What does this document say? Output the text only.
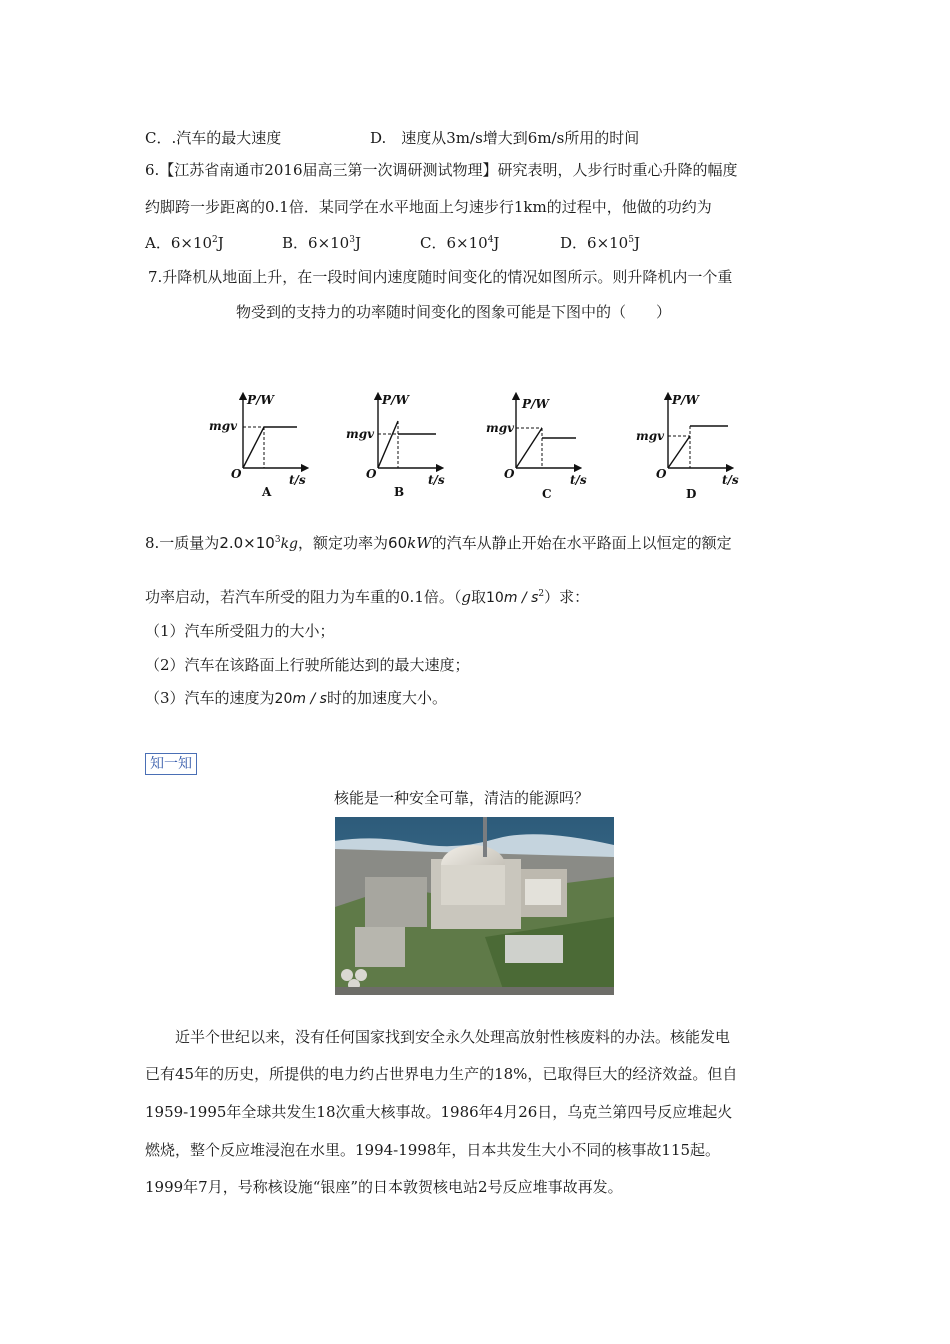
C．.汽车的最大速度	D.　速度从3m/s增大到6m/s所用的时间
6.【江苏省南通市2016届高三第一次调研测试物理】研究表明，人步行时重心升降的幅度
约脚跨一步距离的0.1倍．某同学在水平地面上匀速步行1km的过程中，他做的功约为
A．$6\times 10^2J$	B．$6\times 10^3J$	C．$6\times 10^4J$	D．$6\times 10^5J$
7.升降机从地面上升，在一段时间内速度随时间变化的情况如图所示。则升降机内一个重
物受到的支持力的功率随时间变化的图象可能是下图中的（　　）
P/W
mgv
O	t/s
A
P/W
mgv
O	t/s
B
P/W
mgv
O	t/s
C
P/W
mgv
O	t/s
D
8.一质量为$2.0\times 10^3kg$，额定功率为60kW的汽车从静止开始在水平路面上以恒定的额定
功率启动，若汽车所受的阻力为车重的0.1倍。（g取$10m / s^2$）求：
（1）汽车所受阻力的大小；
（2）汽车在该路面上行驶所能达到的最大速度；
（3）汽车的速度为20m / s时的加速度大小。
知一知
核能是一种安全可靠，清洁的能源吗？
　　近半个世纪以来，没有任何国家找到安全永久处理高放射性核废料的办法。核能发电
已有45年的历史，所提供的电力约占世界电力生产的18%，已取得巨大的经济效益。但自
1959-1995年全球共发生18次重大核事故。1986年4月26日，乌克兰第四号反应堆起火
燃烧，整个反应堆浸泡在水里。1994-1998年，日本共发生大小不同的核事故115起。
1999年7月，号称核设施“银座”的日本敦贺核电站2号反应堆事故再发。
